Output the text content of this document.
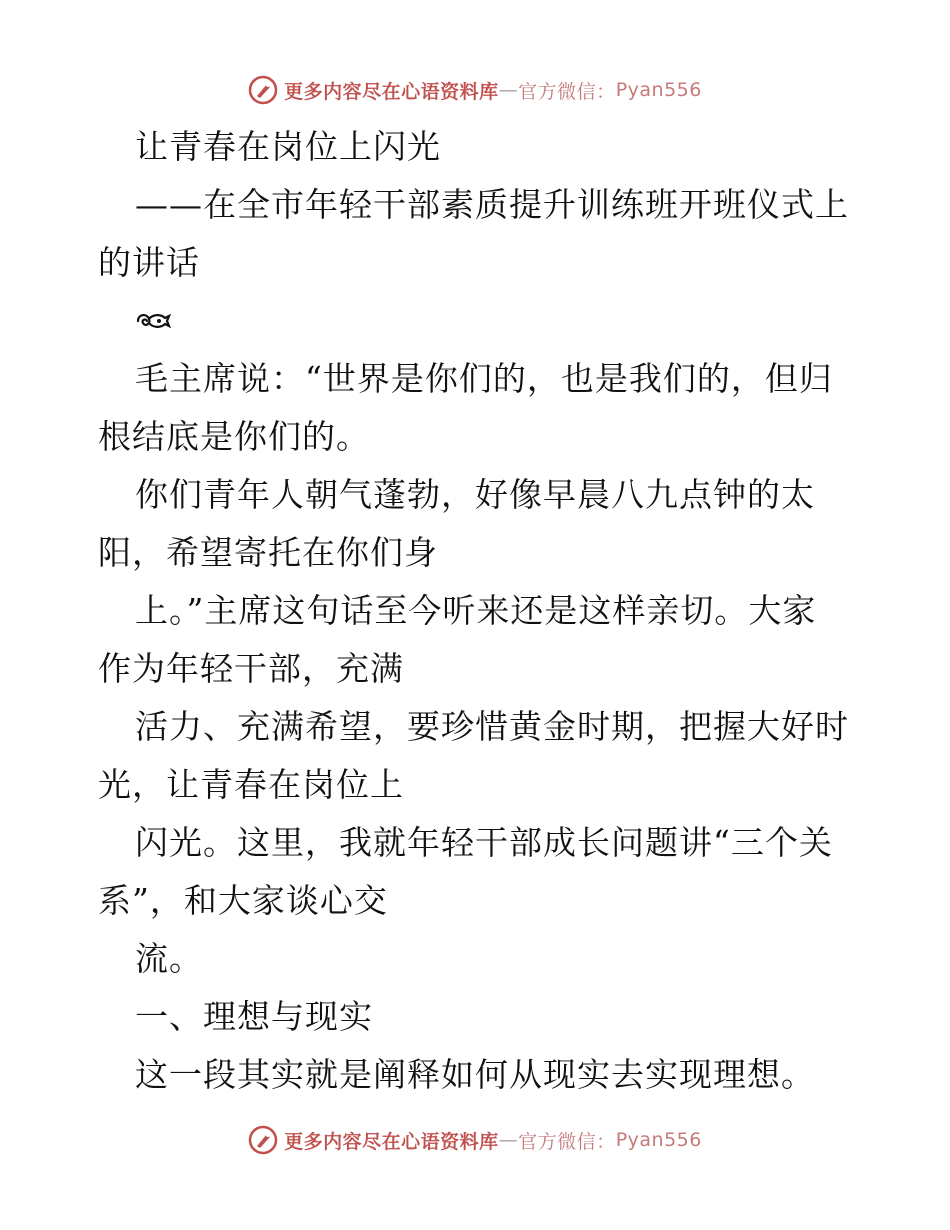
更多内容尽在心语资料库 — 官方微信： Pyan556
让青春在岗位上闪光
——在全市年轻干部素质提升训练班开班仪式上
的讲话
毛主席说：“世界是你们的，也是我们的，但归
根结底是你们的。
你们青年人朝气蓬勃，好像早晨八九点钟的太
阳，希望寄托在你们身
上。”主席这句话至今听来还是这样亲切。大家
作为年轻干部，充满
活力、充满希望，要珍惜黄金时期，把握大好时
光，让青春在岗位上
闪光。这里，我就年轻干部成长问题讲“三个关
系”，和大家谈心交
流。
一、理想与现实
这一段其实就是阐释如何从现实去实现理想。
更多内容尽在心语资料库 — 官方微信： Pyan556
